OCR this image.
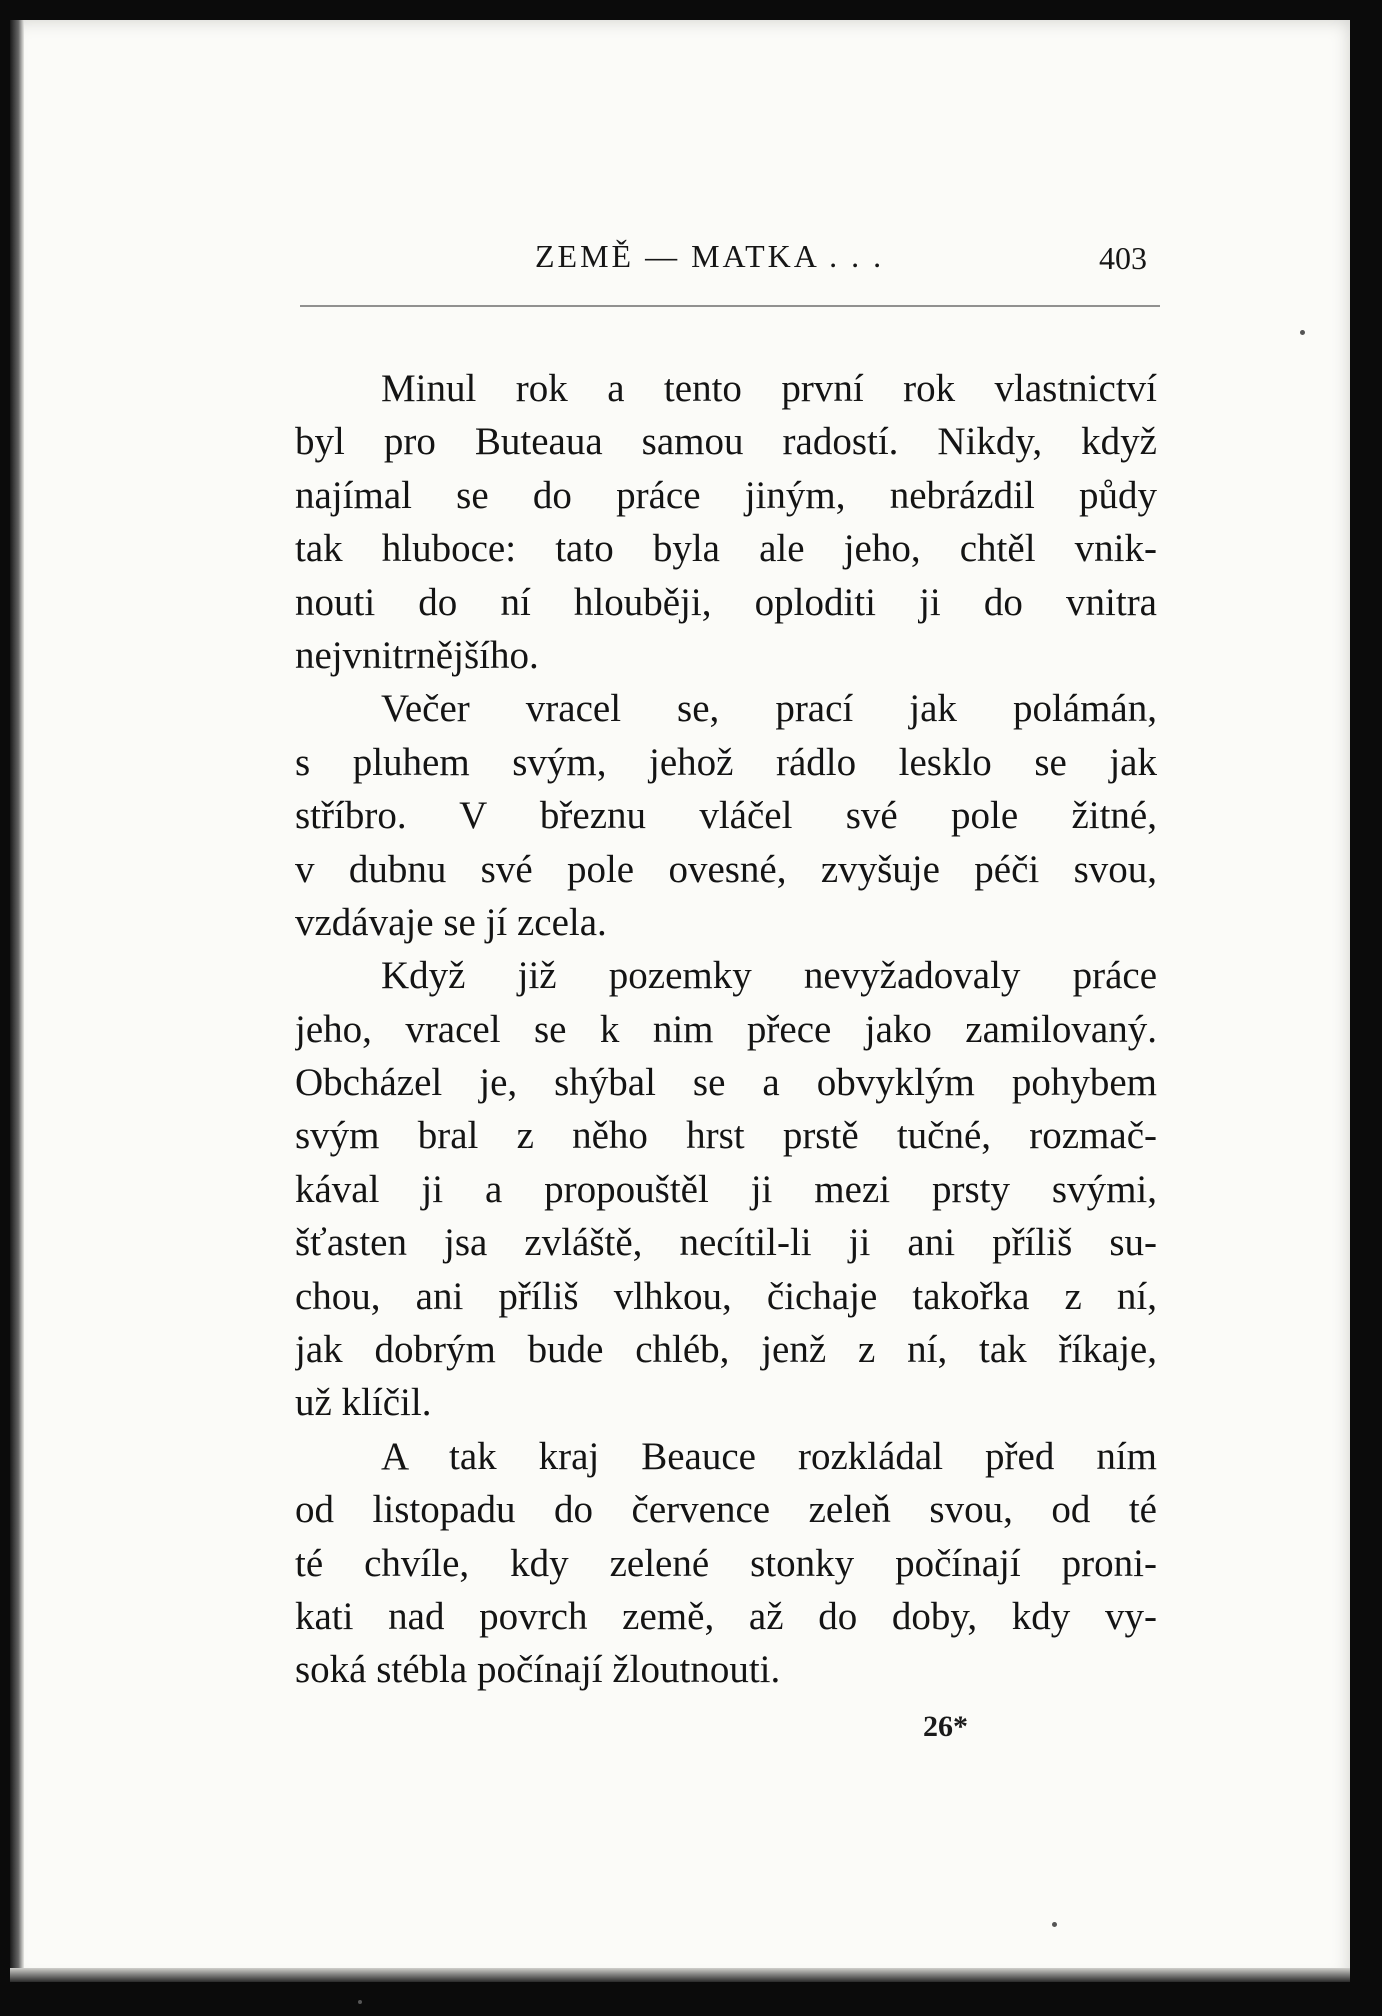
ZEMĚ — MATKA . . .	403
Minul rok a tento první rok vlastnictví
byl pro Buteaua samou radostí. Nikdy, když
najímal se do práce jiným, nebrázdil půdy
tak hluboce: tato byla ale jeho, chtěl vnik-
nouti do ní hlouběji, oploditi ji do vnitra
nejvnitrnějšího.
Večer vracel se, prací jak polámán,
s pluhem svým, jehož rádlo lesklo se jak
stříbro. V březnu vláčel své pole žitné,
v dubnu své pole ovesné, zvyšuje péči svou,
vzdávaje se jí zcela.
Když již pozemky nevyžadovaly práce
jeho, vracel se k nim přece jako zamilovaný.
Obcházel je, shýbal se a obvyklým pohybem
svým bral z něho hrst prstě tučné, rozmač-
kával ji a propouštěl ji mezi prsty svými,
šťasten jsa zvláště, necítil-li ji ani příliš su-
chou, ani příliš vlhkou, čichaje takořka z ní,
jak dobrým bude chléb, jenž z ní, tak říkaje,
už klíčil.
A tak kraj Beauce rozkládal před ním
od listopadu do července zeleň svou, od té
té chvíle, kdy zelené stonky počínají proni-
kati nad povrch země, až do doby, kdy vy-
soká stébla počínají žloutnouti.
26*
